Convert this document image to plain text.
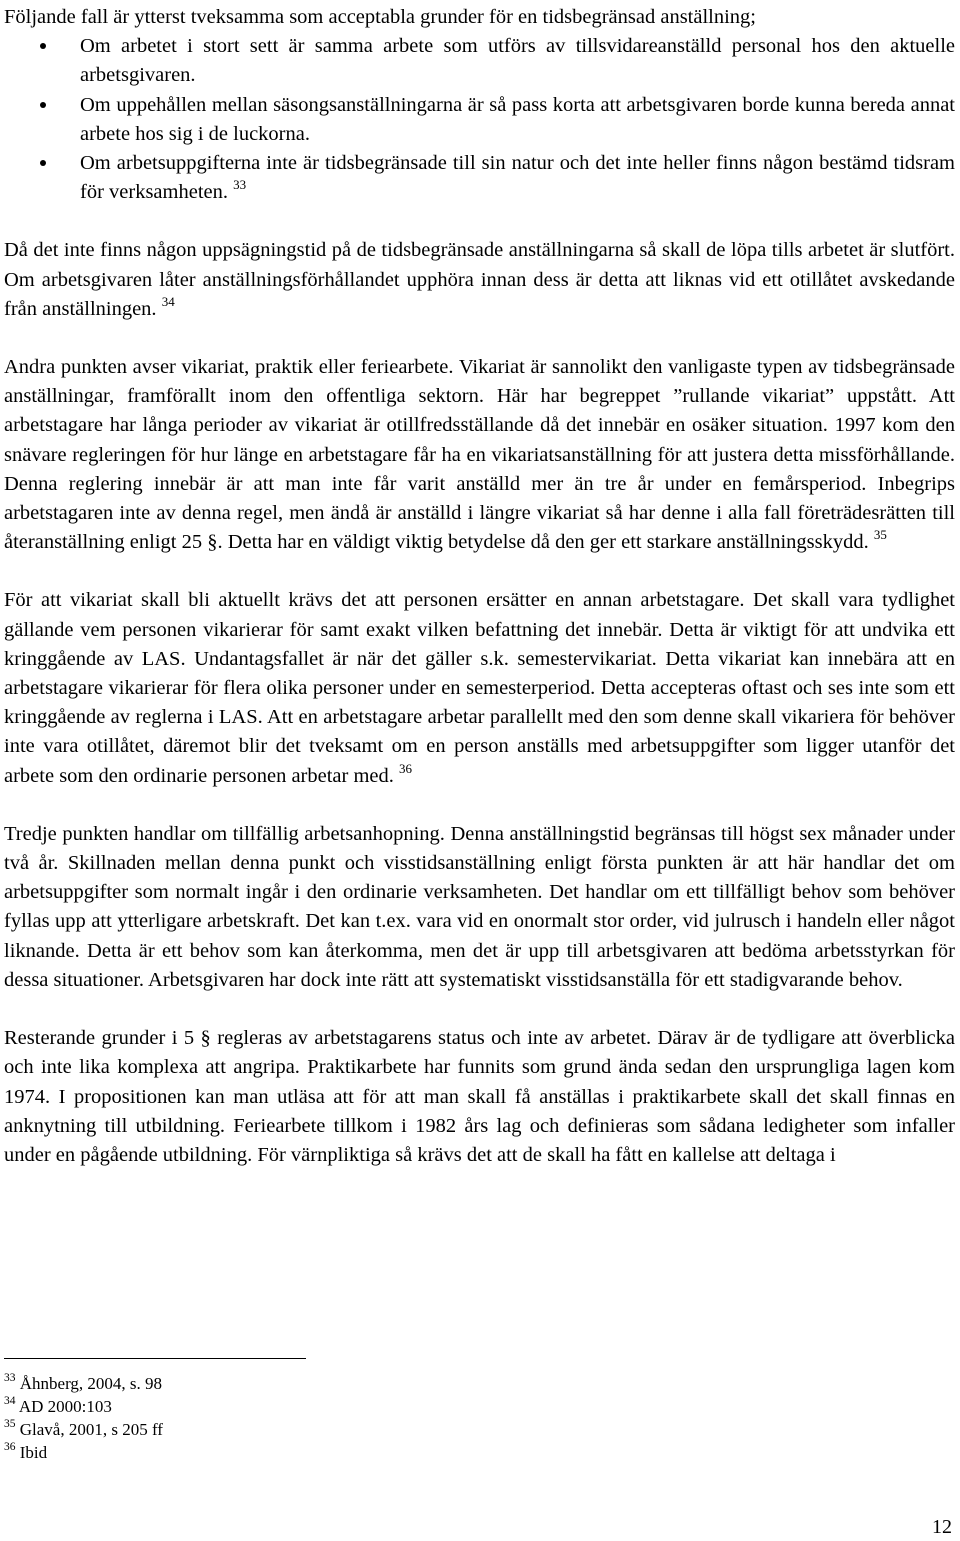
Följande fall är ytterst tveksamma som acceptabla grunder för en tidsbegränsad anställning;

Om arbetet i stort sett är samma arbete som utförs av tillsvidareanställd personal hos den aktuelle arbetsgivaren.
Om uppehållen mellan säsongsanställningarna är så pass korta att arbetsgivaren borde kunna bereda annat arbete hos sig i de luckorna.
Om arbetsuppgifterna inte är tidsbegränsade till sin natur och det inte heller finns någon bestämd tidsram för verksamheten. $^{33}$

Då det inte finns någon uppsägningstid på de tidsbegränsade anställningarna så skall de löpa tills arbetet är slutfört. Om arbetsgivaren låter anställningsförhållandet upphöra innan dess är detta att liknas vid ett otillåtet avskedande från anställningen. $^{34}$

Andra punkten avser vikariat, praktik eller feriearbete. Vikariat är sannolikt den vanligaste typen av tidsbegränsade anställningar, framförallt inom den offentliga sektorn. Här har begreppet ”rullande vikariat” uppstått. Att arbetstagare har långa perioder av vikariat är otillfredsställande då det innebär en osäker situation. 1997 kom den snävare regleringen för hur länge en arbetstagare får ha en vikariatsanställning för att justera detta missförhållande. Denna reglering innebär är att man inte får varit anställd mer än tre år under en femårsperiod. Inbegrips arbetstagaren inte av denna regel, men ändå är anställd i längre vikariat så har denne i alla fall företrädesrätten till återanställning enligt 25 §. Detta har en väldigt viktig betydelse då den ger ett starkare anställningsskydd. $^{35}$

För att vikariat skall bli aktuellt krävs det att personen ersätter en annan arbetstagare. Det skall vara tydlighet gällande vem personen vikarierar för samt exakt vilken befattning det innebär. Detta är viktigt för att undvika ett kringgående av LAS. Undantagsfallet är när det gäller s.k. semestervikariat. Detta vikariat kan innebära att en arbetstagare vikarierar för flera olika personer under en semesterperiod. Detta accepteras oftast och ses inte som ett kringgående av reglerna i LAS. Att en arbetstagare arbetar parallellt med den som denne skall vikariera för behöver inte vara otillåtet, däremot blir det tveksamt om en person anställs med arbetsuppgifter som ligger utanför det arbete som den ordinarie personen arbetar med. $^{36}$

Tredje punkten handlar om tillfällig arbetsanhopning. Denna anställningstid begränsas till högst sex månader under två år. Skillnaden mellan denna punkt och visstidsanställning enligt första punkten är att här handlar det om arbetsuppgifter som normalt ingår i den ordinarie verksamheten. Det handlar om ett tillfälligt behov som behöver fyllas upp att ytterligare arbetskraft. Det kan t.ex. vara vid en onormalt stor order, vid julrusch i handeln eller något liknande. Detta är ett behov som kan återkomma, men det är upp till arbetsgivaren att bedöma arbetsstyrkan för dessa situationer. Arbetsgivaren har dock inte rätt att systematiskt visstidsanställa för ett stadigvarande behov.

Resterande grunder i 5 § regleras av arbetstagarens status och inte av arbetet. Därav är de tydligare att överblicka och inte lika komplexa att angripa. Praktikarbete har funnits som grund ända sedan den ursprungliga lagen kom 1974. I propositionen kan man utläsa att för att man skall få anställas i praktikarbete skall det skall finnas en anknytning till utbildning. Feriearbete tillkom i 1982 års lag och definieras som sådana ledigheter som infaller under en pågående utbildning. För värnpliktiga så krävs det att de skall ha fått en kallelse att deltaga i

$^{33}$ Åhnberg, 2004, s. 98
$^{34}$ AD 2000:103
$^{35}$ Glavå, 2001, s 205 ff
$^{36}$ Ibid
12
